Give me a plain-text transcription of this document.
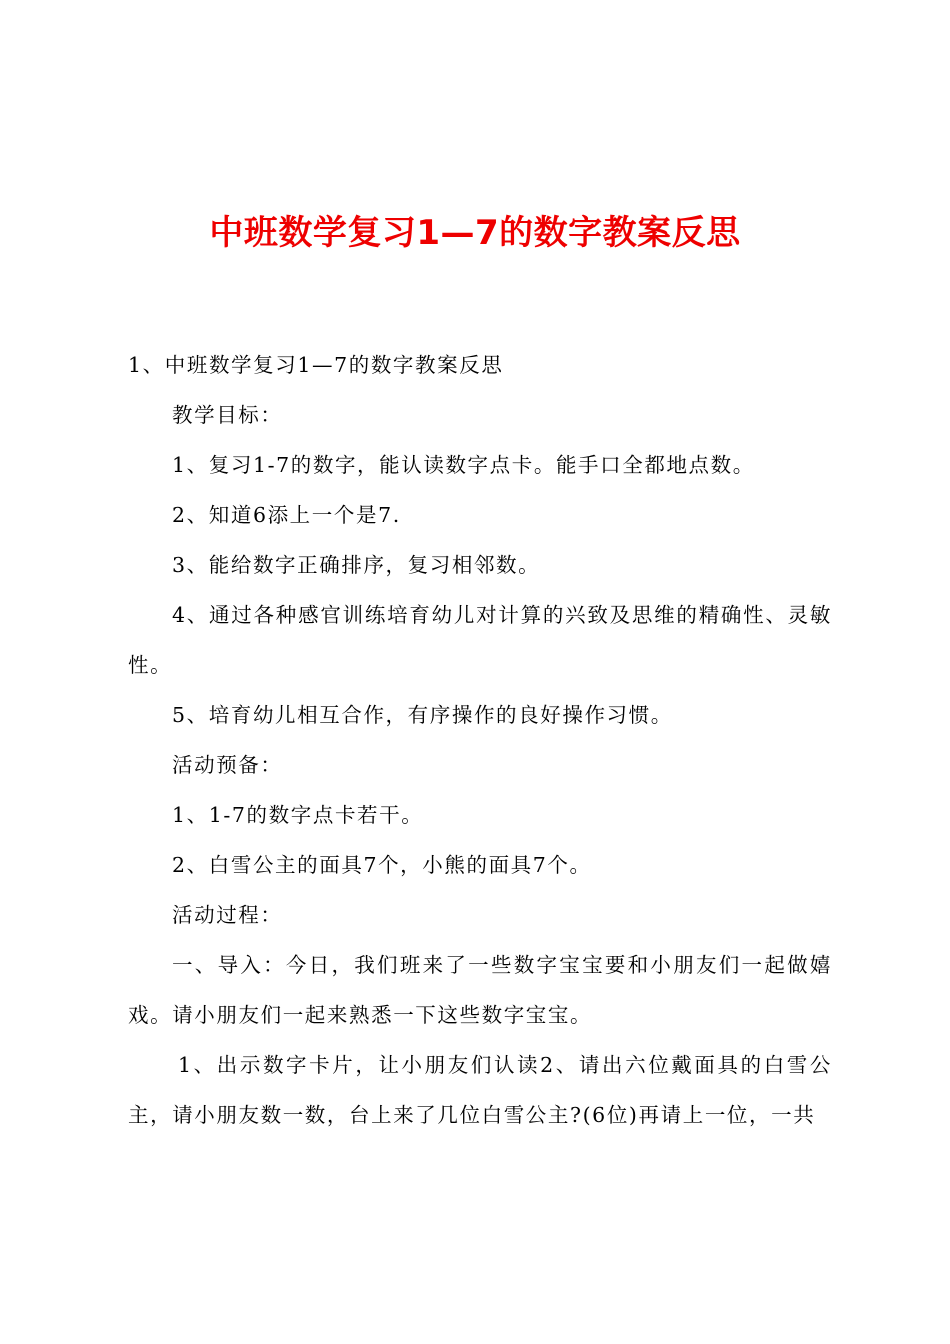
中班数学复习1—7的数字教案反思

1、中班数学复习1—7的数字教案反思

教学目标：

1、复习1-7的数字，能认读数字点卡。能手口全都地点数。

2、知道6添上一个是7.

3、能给数字正确排序，复习相邻数。

4、通过各种感官训练培育幼儿对计算的兴致及思维的精确性、灵敏性。

5、培育幼儿相互合作，有序操作的良好操作习惯。

活动预备：

1、1-7的数字点卡若干。

2、白雪公主的面具7个，小熊的面具7个。

活动过程：

一、导入：今日，我们班来了一些数字宝宝要和小朋友们一起做嬉戏。请小朋友们一起来熟悉一下这些数字宝宝。

1、出示数字卡片，让小朋友们认读2、请出六位戴面具的白雪公主，请小朋友数一数，台上来了几位白雪公主?(6位)再请上一位，一共
